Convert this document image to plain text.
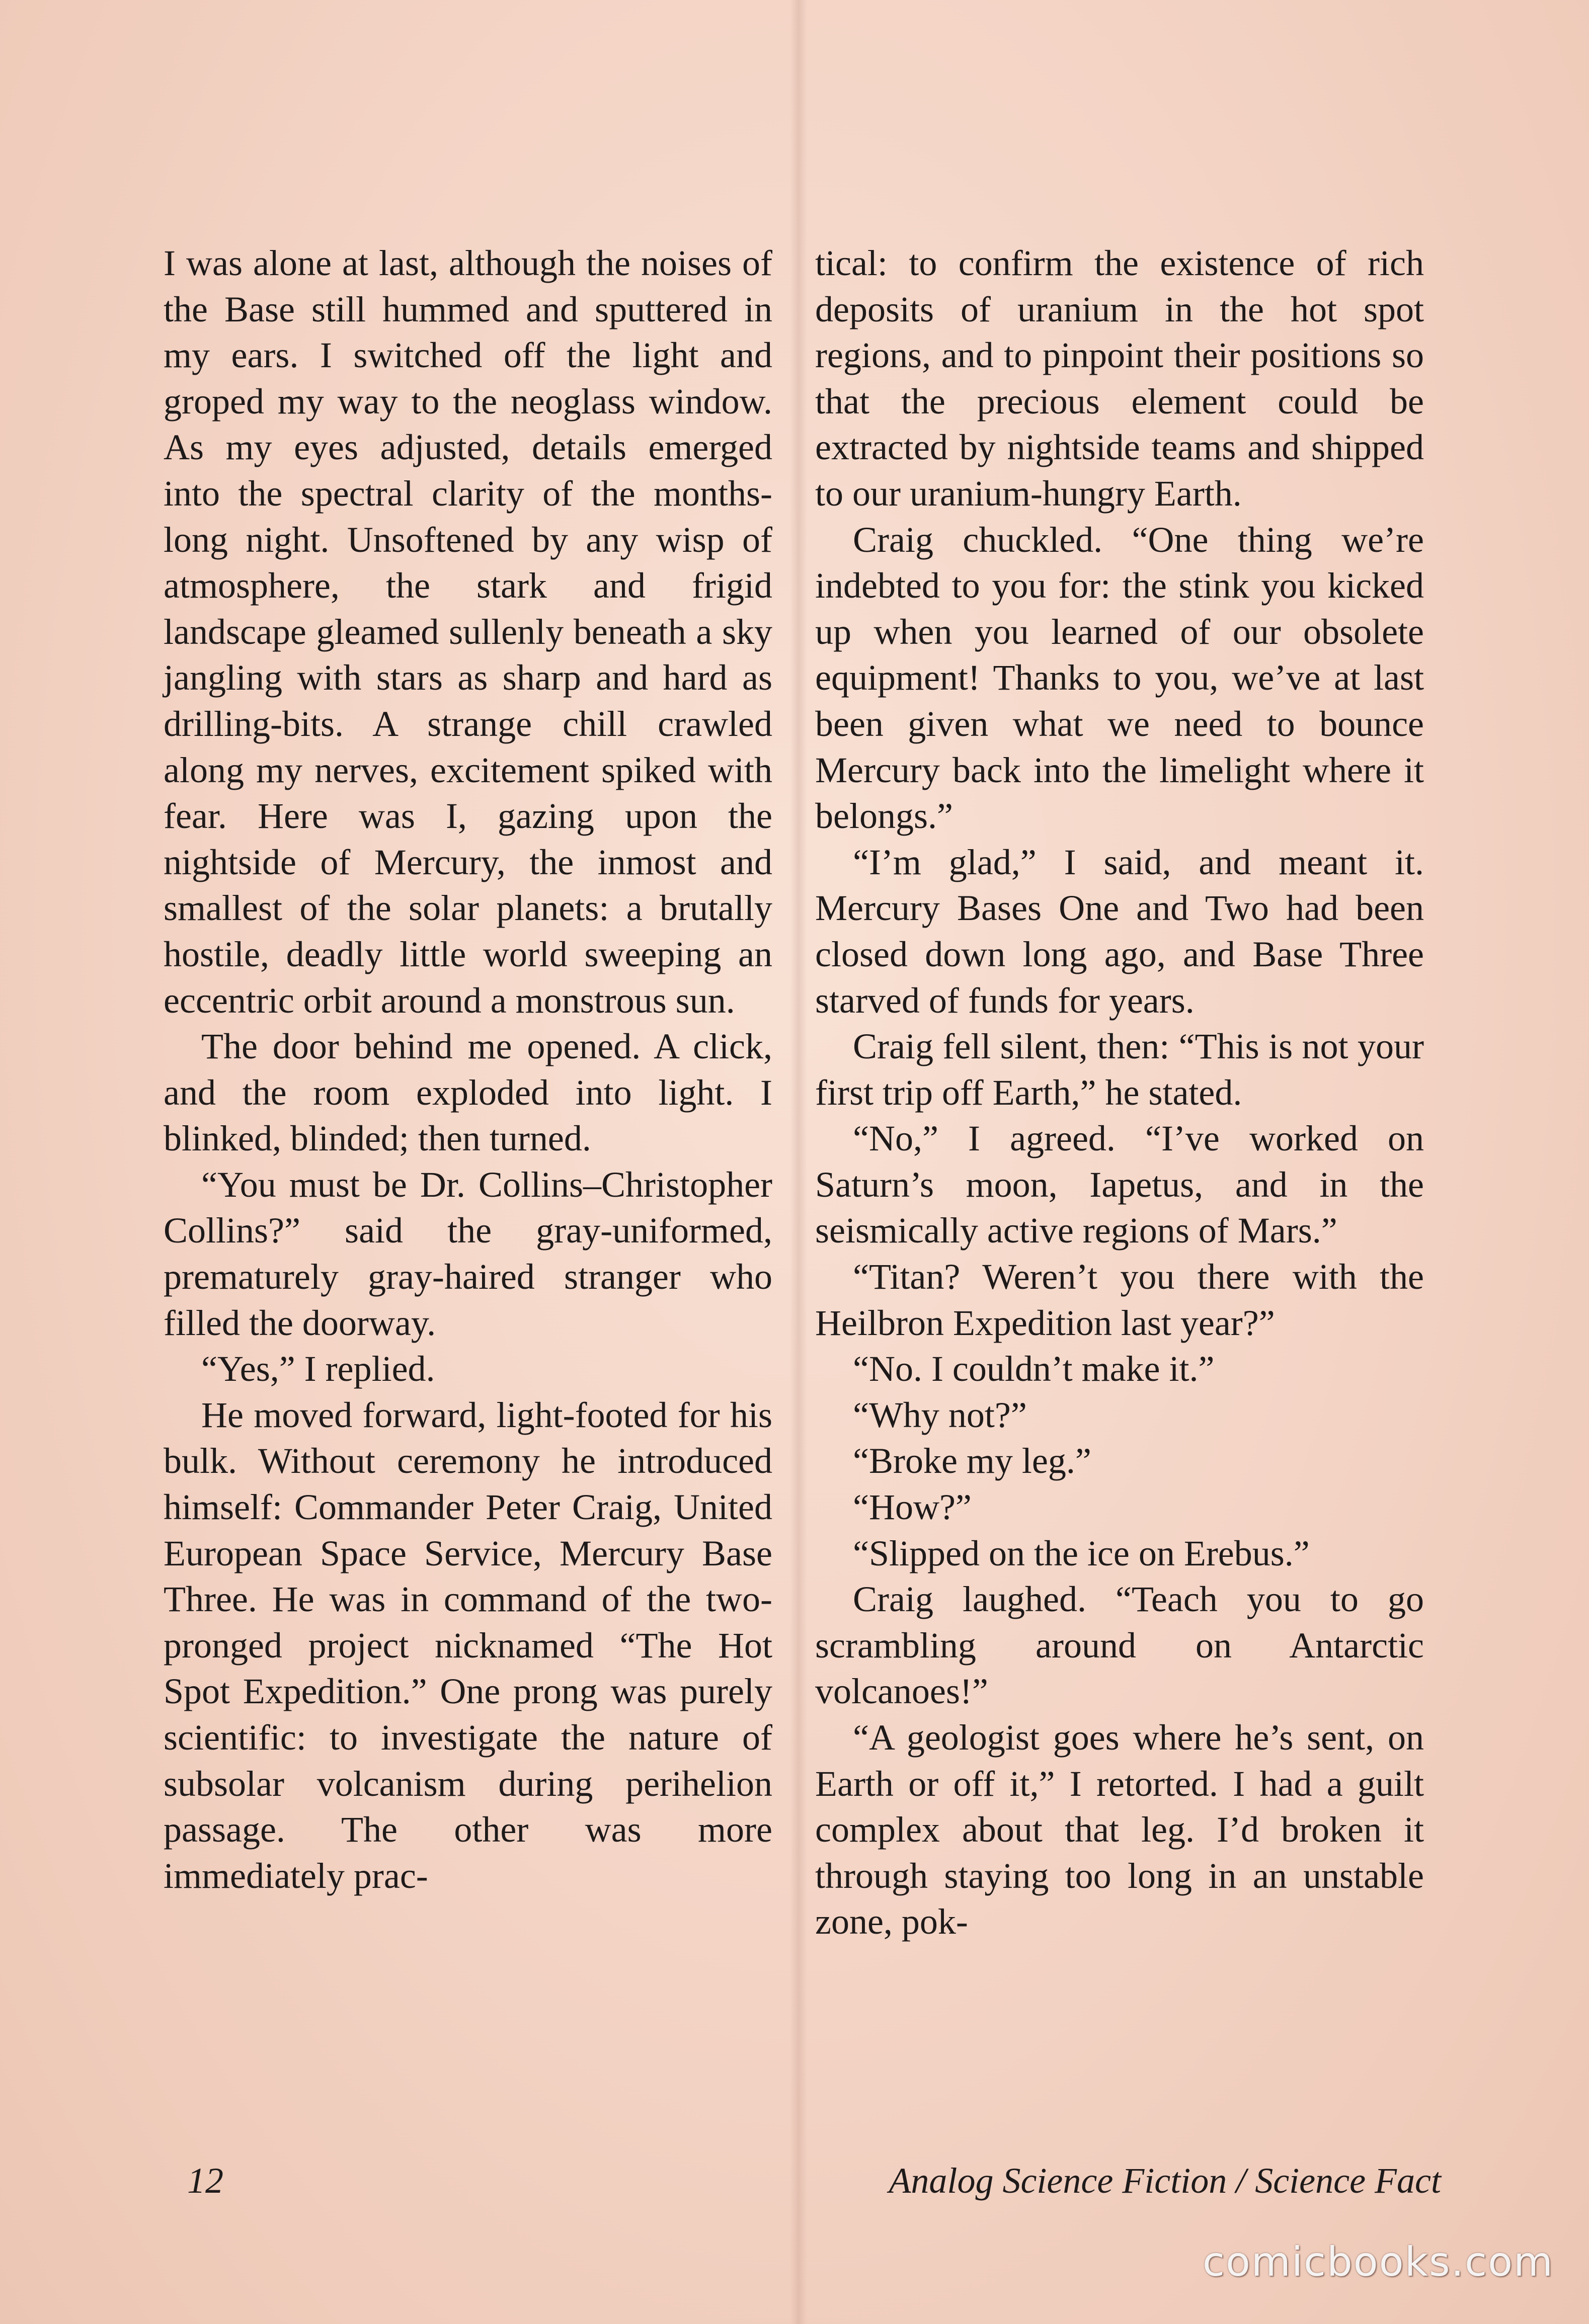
I was alone at last, although the noises of the Base still hummed and sputtered in my ears. I switched off the light and groped my way to the neoglass window. As my eyes adjusted, details emerged into the spectral clarity of the months-long night. Unsoftened by any wisp of atmosphere, the stark and frigid landscape gleamed sullenly beneath a sky jangling with stars as sharp and hard as drilling-bits. A strange chill crawled along my nerves, excitement spiked with fear. Here was I, gazing upon the nightside of Mercury, the inmost and smallest of the solar planets: a brutally hostile, deadly little world sweeping an eccentric orbit around a monstrous sun.

The door behind me opened. A click, and the room exploded into light. I blinked, blinded; then turned.

“You must be Dr. Collins–Christopher Collins?” said the gray-uniformed, prematurely gray-haired stranger who filled the doorway.

“Yes,” I replied.

He moved forward, light-footed for his bulk. Without ceremony he introduced himself: Commander Peter Craig, United European Space Service, Mercury Base Three. He was in command of the two-pronged project nicknamed “The Hot Spot Expedition.” One prong was purely scientific: to investigate the nature of subsolar volcanism during perihelion passage. The other was more immediately prac-

tical: to confirm the existence of rich deposits of uranium in the hot spot regions, and to pinpoint their positions so that the precious element could be extracted by nightside teams and shipped to our uranium-hungry Earth.

Craig chuckled. “One thing we’re indebted to you for: the stink you kicked up when you learned of our obsolete equipment! Thanks to you, we’ve at last been given what we need to bounce Mercury back into the limelight where it belongs.”

“I’m glad,” I said, and meant it. Mercury Bases One and Two had been closed down long ago, and Base Three starved of funds for years.

Craig fell silent, then: “This is not your first trip off Earth,” he stated.

“No,” I agreed. “I’ve worked on Saturn’s moon, Iapetus, and in the seismically active regions of Mars.”

“Titan? Weren’t you there with the Heilbron Expedition last year?”

“No. I couldn’t make it.”

“Why not?”

“Broke my leg.”

“How?”

“Slipped on the ice on Erebus.”

Craig laughed. “Teach you to go scrambling around on Antarctic volcanoes!”

“A geologist goes where he’s sent, on Earth or off it,” I retorted. I had a guilt complex about that leg. I’d broken it through staying too long in an unstable zone, pok-

12	Analog Science Fiction / Science Fact
comicbooks.com
